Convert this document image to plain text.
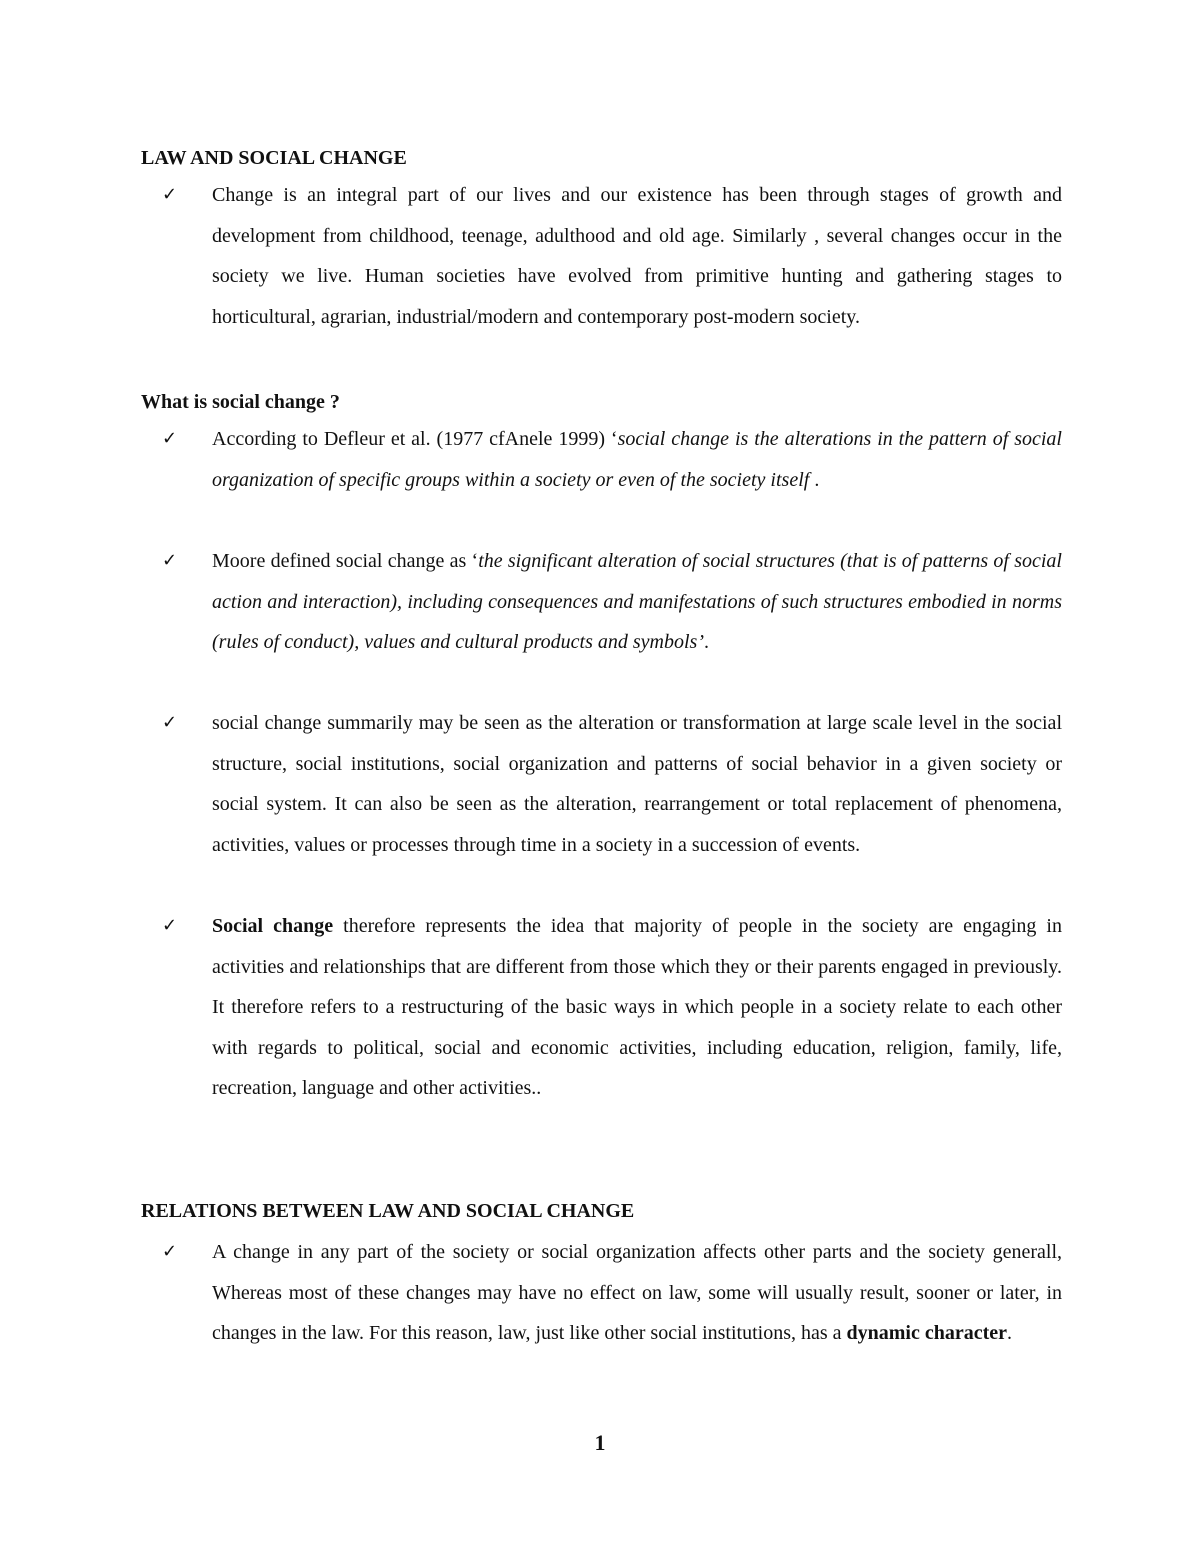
LAW AND SOCIAL CHANGE
✓ Change is an integral part of our lives and our existence has been through stages of growth and development from childhood, teenage, adulthood and old age. Similarly , several changes occur in the society we live. Human societies have evolved from primitive hunting and gathering stages to horticultural, agrarian, industrial/modern and contemporary post-modern society.

What is social change ?
✓ According to Defleur et al. (1977 cfAnele 1999) ‘social change is the alterations in the pattern of social organization of specific groups within a society or even of the society itself .

✓ Moore defined social change as ‘the significant alteration of social structures (that is of patterns of social action and interaction), including consequences and manifestations of such structures embodied in norms (rules of conduct), values and cultural products and symbols’.

✓ social change summarily may be seen as the alteration or transformation at large scale level in the social structure, social institutions, social organization and patterns of social behavior in a given society or social system. It can also be seen as the alteration, rearrangement or total replacement of phenomena, activities, values or processes through time in a society in a succession of events.

✓ Social change therefore represents the idea that majority of people in the society are engaging in activities and relationships that are different from those which they or their parents engaged in previously. It therefore refers to a restructuring of the basic ways in which people in a society relate to each other with regards to political, social and economic activities, including education, religion, family, life, recreation, language and other activities..

RELATIONS BETWEEN LAW AND SOCIAL CHANGE
✓ A change in any part of the society or social organization affects other parts and the society generall, Whereas most of these changes may have no effect on law, some will usually result, sooner or later, in changes in the law. For this reason, law, just like other social institutions, has a dynamic character.

1
